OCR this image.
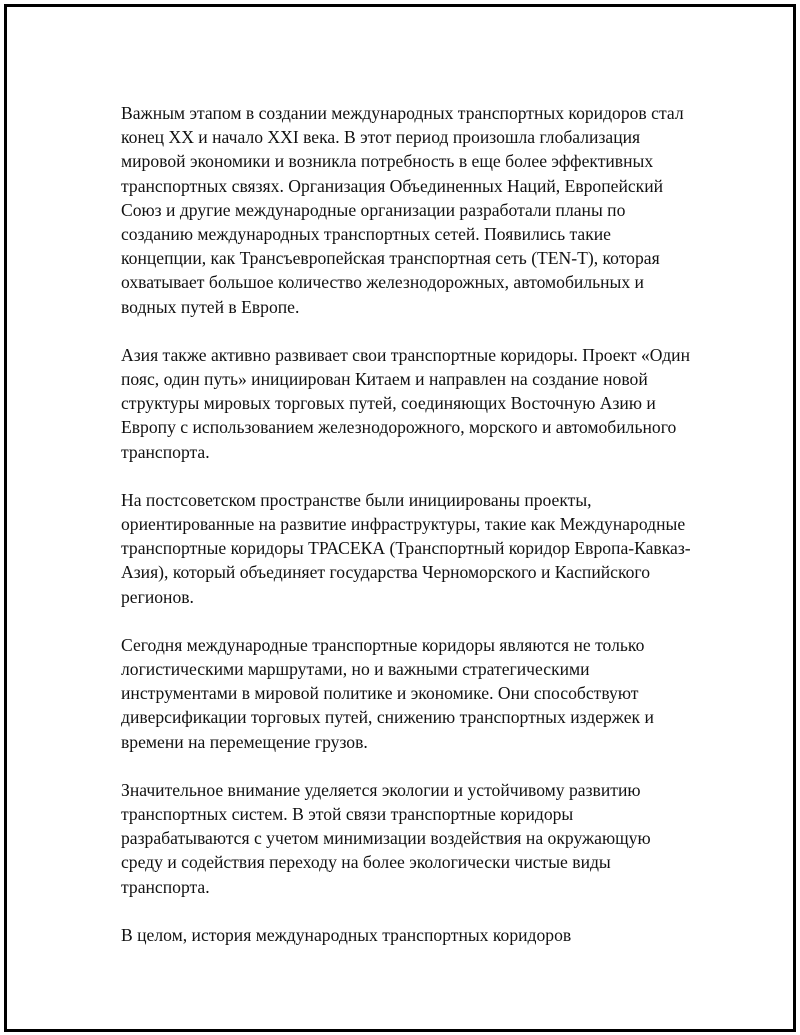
Важным этапом в создании международных транспортных коридоров стал конец XX и начало XXI века. В этот период произошла глобализация мировой экономики и возникла потребность в еще более эффективных транспортных связях. Организация Объединенных Наций, Европейский Союз и другие международные организации разработали планы по созданию международных транспортных сетей. Появились такие концепции, как Трансъевропейская транспортная сеть (TEN-T), которая охватывает большое количество железнодорожных, автомобильных и водных путей в Европе.

Азия также активно развивает свои транспортные коридоры. Проект «Один пояс, один путь» инициирован Китаем и направлен на создание новой структуры мировых торговых путей, соединяющих Восточную Азию и Европу с использованием железнодорожного, морского и автомобильного транспорта.

На постсоветском пространстве были инициированы проекты, ориентированные на развитие инфраструктуры, такие как Международные транспортные коридоры ТРАСЕКА (Транспортный коридор Европа-Кавказ-Азия), который объединяет государства Черноморского и Каспийского регионов.

Сегодня международные транспортные коридоры являются не только логистическими маршрутами, но и важными стратегическими инструментами в мировой политике и экономике. Они способствуют диверсификации торговых путей, снижению транспортных издержек и времени на перемещение грузов.

Значительное внимание уделяется экологии и устойчивому развитию транспортных систем. В этой связи транспортные коридоры разрабатываются с учетом минимизации воздействия на окружающую среду и содействия переходу на более экологически чистые виды транспорта.

В целом, история международных транспортных коридоров
